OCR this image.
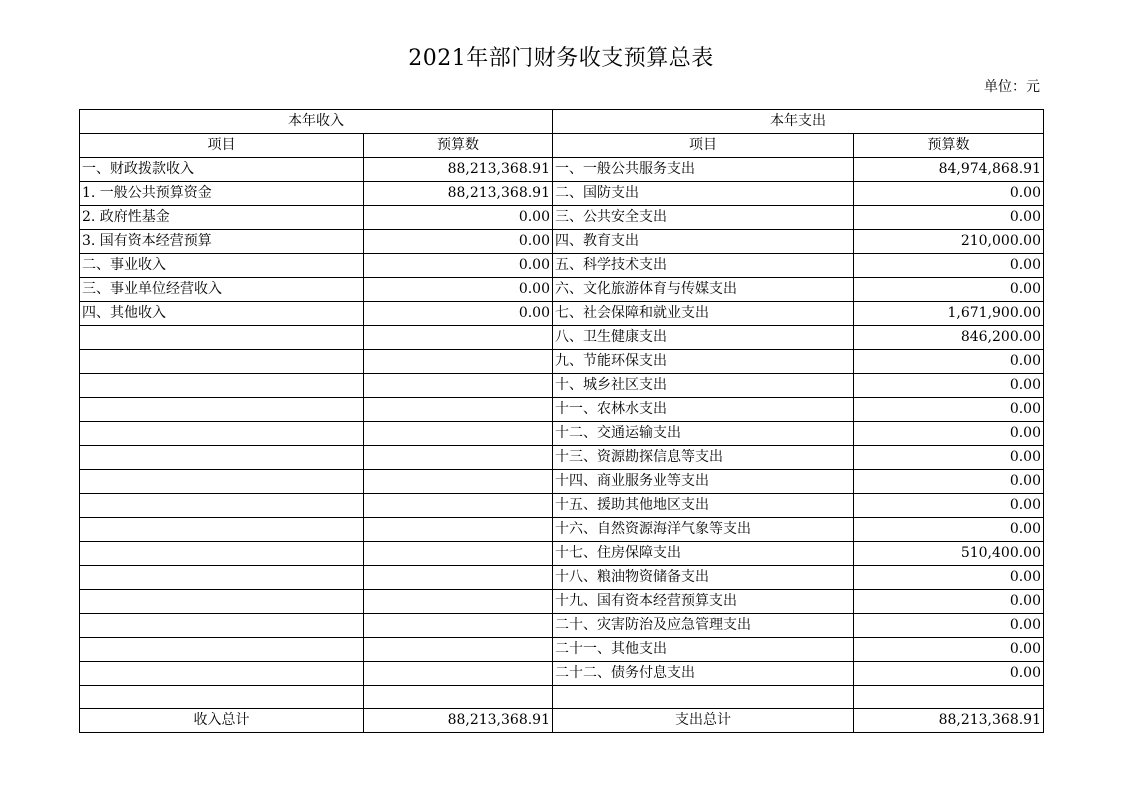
2021年部门财务收支预算总表
单位：元
本年收入		本年支出	
项目	预算数	项目	预算数
一、财政拨款收入	88,213,368.91	一、一般公共服务支出	84,974,868.91
1. 一般公共预算资金	88,213,368.91	二、国防支出	0.00
2. 政府性基金	0.00	三、公共安全支出	0.00
3. 国有资本经营预算	0.00	四、教育支出	210,000.00
二、事业收入	0.00	五、科学技术支出	0.00
三、事业单位经营收入	0.00	六、文化旅游体育与传媒支出	0.00
四、其他收入	0.00	七、社会保障和就业支出	1,671,900.00
		八、卫生健康支出	846,200.00
		九、节能环保支出	0.00
		十、城乡社区支出	0.00
		十一、农林水支出	0.00
		十二、交通运输支出	0.00
		十三、资源勘探信息等支出	0.00
		十四、商业服务业等支出	0.00
		十五、援助其他地区支出	0.00
		十六、自然资源海洋气象等支出	0.00
		十七、住房保障支出	510,400.00
		十八、粮油物资储备支出	0.00
		十九、国有资本经营预算支出	0.00
		二十、灾害防治及应急管理支出	0.00
		二十一、其他支出	0.00
		二十二、债务付息支出	0.00

收入总计	88,213,368.91	支出总计	88,213,368.91
